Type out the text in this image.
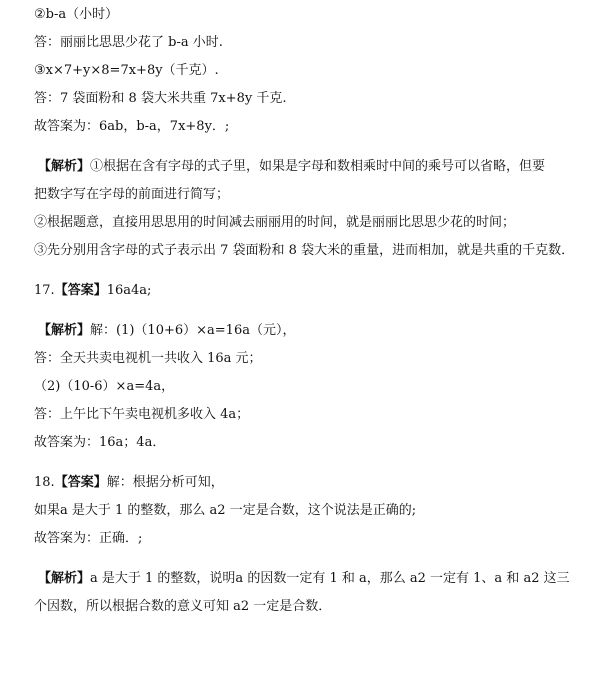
②b-a（小时）
答：丽丽比思思少花了 b-a 小时.
③x×7+y×8=7x+8y（千克）.
答：7 袋面粉和 8 袋大米共重 7x+8y 千克.
故答案为：6ab，b-a，7x+8y．;
【解析】①根据在含有字母的式子里，如果是字母和数相乘时中间的乘号可以省略，但要
把数字写在字母的前面进行简写；
②根据题意，直接用思思用的时间减去丽丽用的时间，就是丽丽比思思少花的时间；
③先分别用含字母的式子表示出 7 袋面粉和 8 袋大米的重量，进而相加，就是共重的千克数．
17.【答案】16a4a;
【解析】解：(1)（10+6）×a=16a（元），
答：全天共卖电视机一共收入 16a 元；
（2)（10-6）×a=4a，
答：上午比下午卖电视机多收入 4a；
故答案为：16a；4a．
18.【答案】解：根据分析可知，
如果a 是大于 1 的整数，那么 a2 一定是合数，这个说法是正确的;
故答案为：正确．;
【解析】a 是大于 1 的整数，说明a 的因数一定有 1 和 a，那么 a2 一定有 1、a 和 a2 这三
个因数，所以根据合数的意义可知 a2 一定是合数．
